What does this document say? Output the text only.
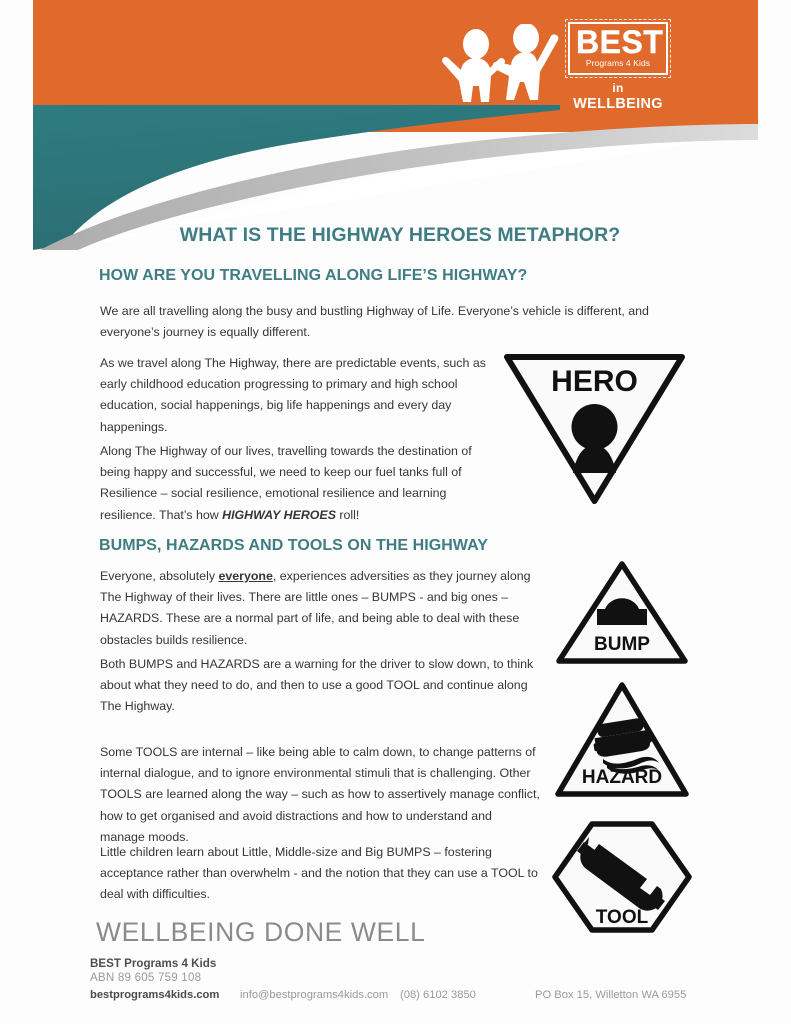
BEST
Programs 4 Kids
in WELLBEING
WHAT IS THE HIGHWAY HEROES METAPHOR?
HOW ARE YOU TRAVELLING ALONG LIFE’S HIGHWAY?
We are all travelling along the busy and bustling Highway of Life. Everyone’s vehicle is different, and everyone’s journey is equally different.
As we travel along The Highway, there are predictable events, such as early childhood education progressing to primary and high school education, social happenings, big life happenings and every day happenings.
Along The Highway of our lives, travelling towards the destination of being happy and successful, we need to keep our fuel tanks full of Resilience – social resilience, emotional resilience and learning resilience. That’s how HIGHWAY HEROES roll!
BUMPS, HAZARDS AND TOOLS ON THE HIGHWAY
Everyone, absolutely everyone, experiences adversities as they journey along The Highway of their lives. There are little ones – BUMPS - and big ones – HAZARDS. These are a normal part of life, and being able to deal with these obstacles builds resilience.
Both BUMPS and HAZARDS are a warning for the driver to slow down, to think about what they need to do, and then to use a good TOOL and continue along The Highway.
Some TOOLS are internal – like being able to calm down, to change patterns of internal dialogue, and to ignore environmental stimuli that is challenging. Other TOOLS are learned along the way – such as how to assertively manage conflict, how to get organised and avoid distractions and how to understand and manage moods.
Little children learn about Little, Middle-size and Big BUMPS – fostering acceptance rather than overwhelm - and the notion that they can use a TOOL to deal with difficulties.
HERO
BUMP
HAZARD
TOOL
WELLBEING DONE WELL
BEST Programs 4 Kids
ABN 89 605 759 108
bestprograms4kids.com info@bestprograms4kids.com (08) 6102 3850	PO Box 15, Willetton WA 6955
